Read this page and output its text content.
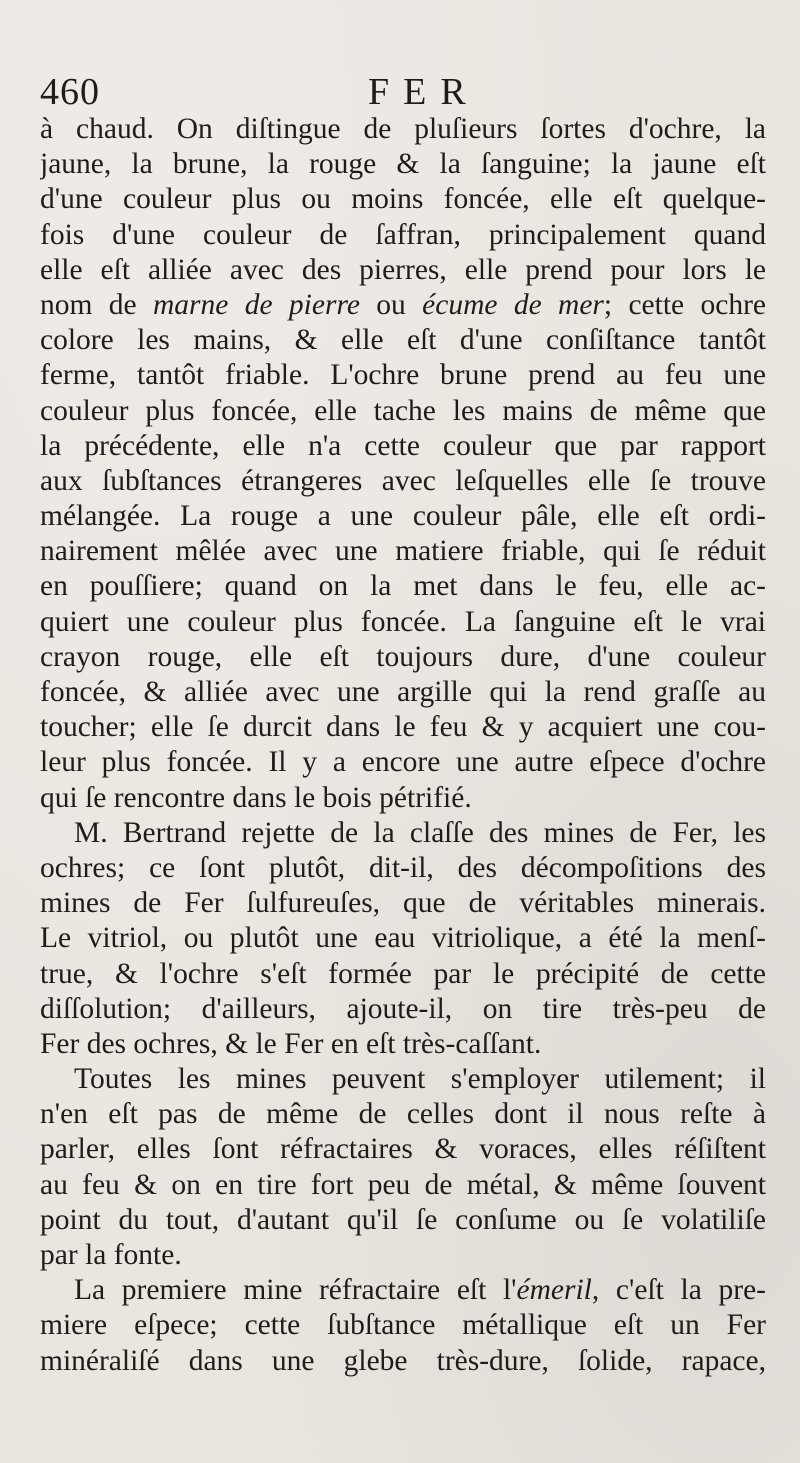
460	FER
à chaud. On diſtingue de pluſieurs ſortes d'ochre, la
jaune, la brune, la rouge & la ſanguine; la jaune eſt
d'une couleur plus ou moins foncée, elle eſt quelque-
fois d'une couleur de ſaffran, principalement quand
elle eſt alliée avec des pierres, elle prend pour lors le
nom de marne de pierre ou écume de mer; cette ochre
colore les mains, & elle eſt d'une conſiſtance tantôt
ferme, tantôt friable. L'ochre brune prend au feu une
couleur plus foncée, elle tache les mains de même que
la précédente, elle n'a cette couleur que par rapport
aux ſubſtances étrangeres avec leſquelles elle ſe trouve
mélangée. La rouge a une couleur pâle, elle eſt ordi-
nairement mêlée avec une matiere friable, qui ſe réduit
en pouſſiere; quand on la met dans le feu, elle ac-
quiert une couleur plus foncée. La ſanguine eſt le vrai
crayon rouge, elle eſt toujours dure, d'une couleur
foncée, & alliée avec une argille qui la rend graſſe au
toucher; elle ſe durcit dans le feu & y acquiert une cou-
leur plus foncée. Il y a encore une autre eſpece d'ochre
qui ſe rencontre dans le bois pétrifié.
M. Bertrand rejette de la claſſe des mines de Fer, les
ochres; ce ſont plutôt, dit-il, des décompoſitions des
mines de Fer ſulfureuſes, que de véritables minerais.
Le vitriol, ou plutôt une eau vitriolique, a été la menſ-
true, & l'ochre s'eſt formée par le précipité de cette
diſſolution; d'ailleurs, ajoute-il, on tire très-peu de
Fer des ochres, & le Fer en eſt très-caſſant.
Toutes les mines peuvent s'employer utilement; il
n'en eſt pas de même de celles dont il nous reſte à
parler, elles ſont réfractaires & voraces, elles réſiſtent
au feu & on en tire fort peu de métal, & même ſouvent
point du tout, d'autant qu'il ſe conſume ou ſe volatiliſe
par la fonte.
La premiere mine réfractaire eſt l'émeril, c'eſt la pre-
miere eſpece; cette ſubſtance métallique eſt un Fer
minéraliſé dans une glebe très-dure, ſolide, rapace,
